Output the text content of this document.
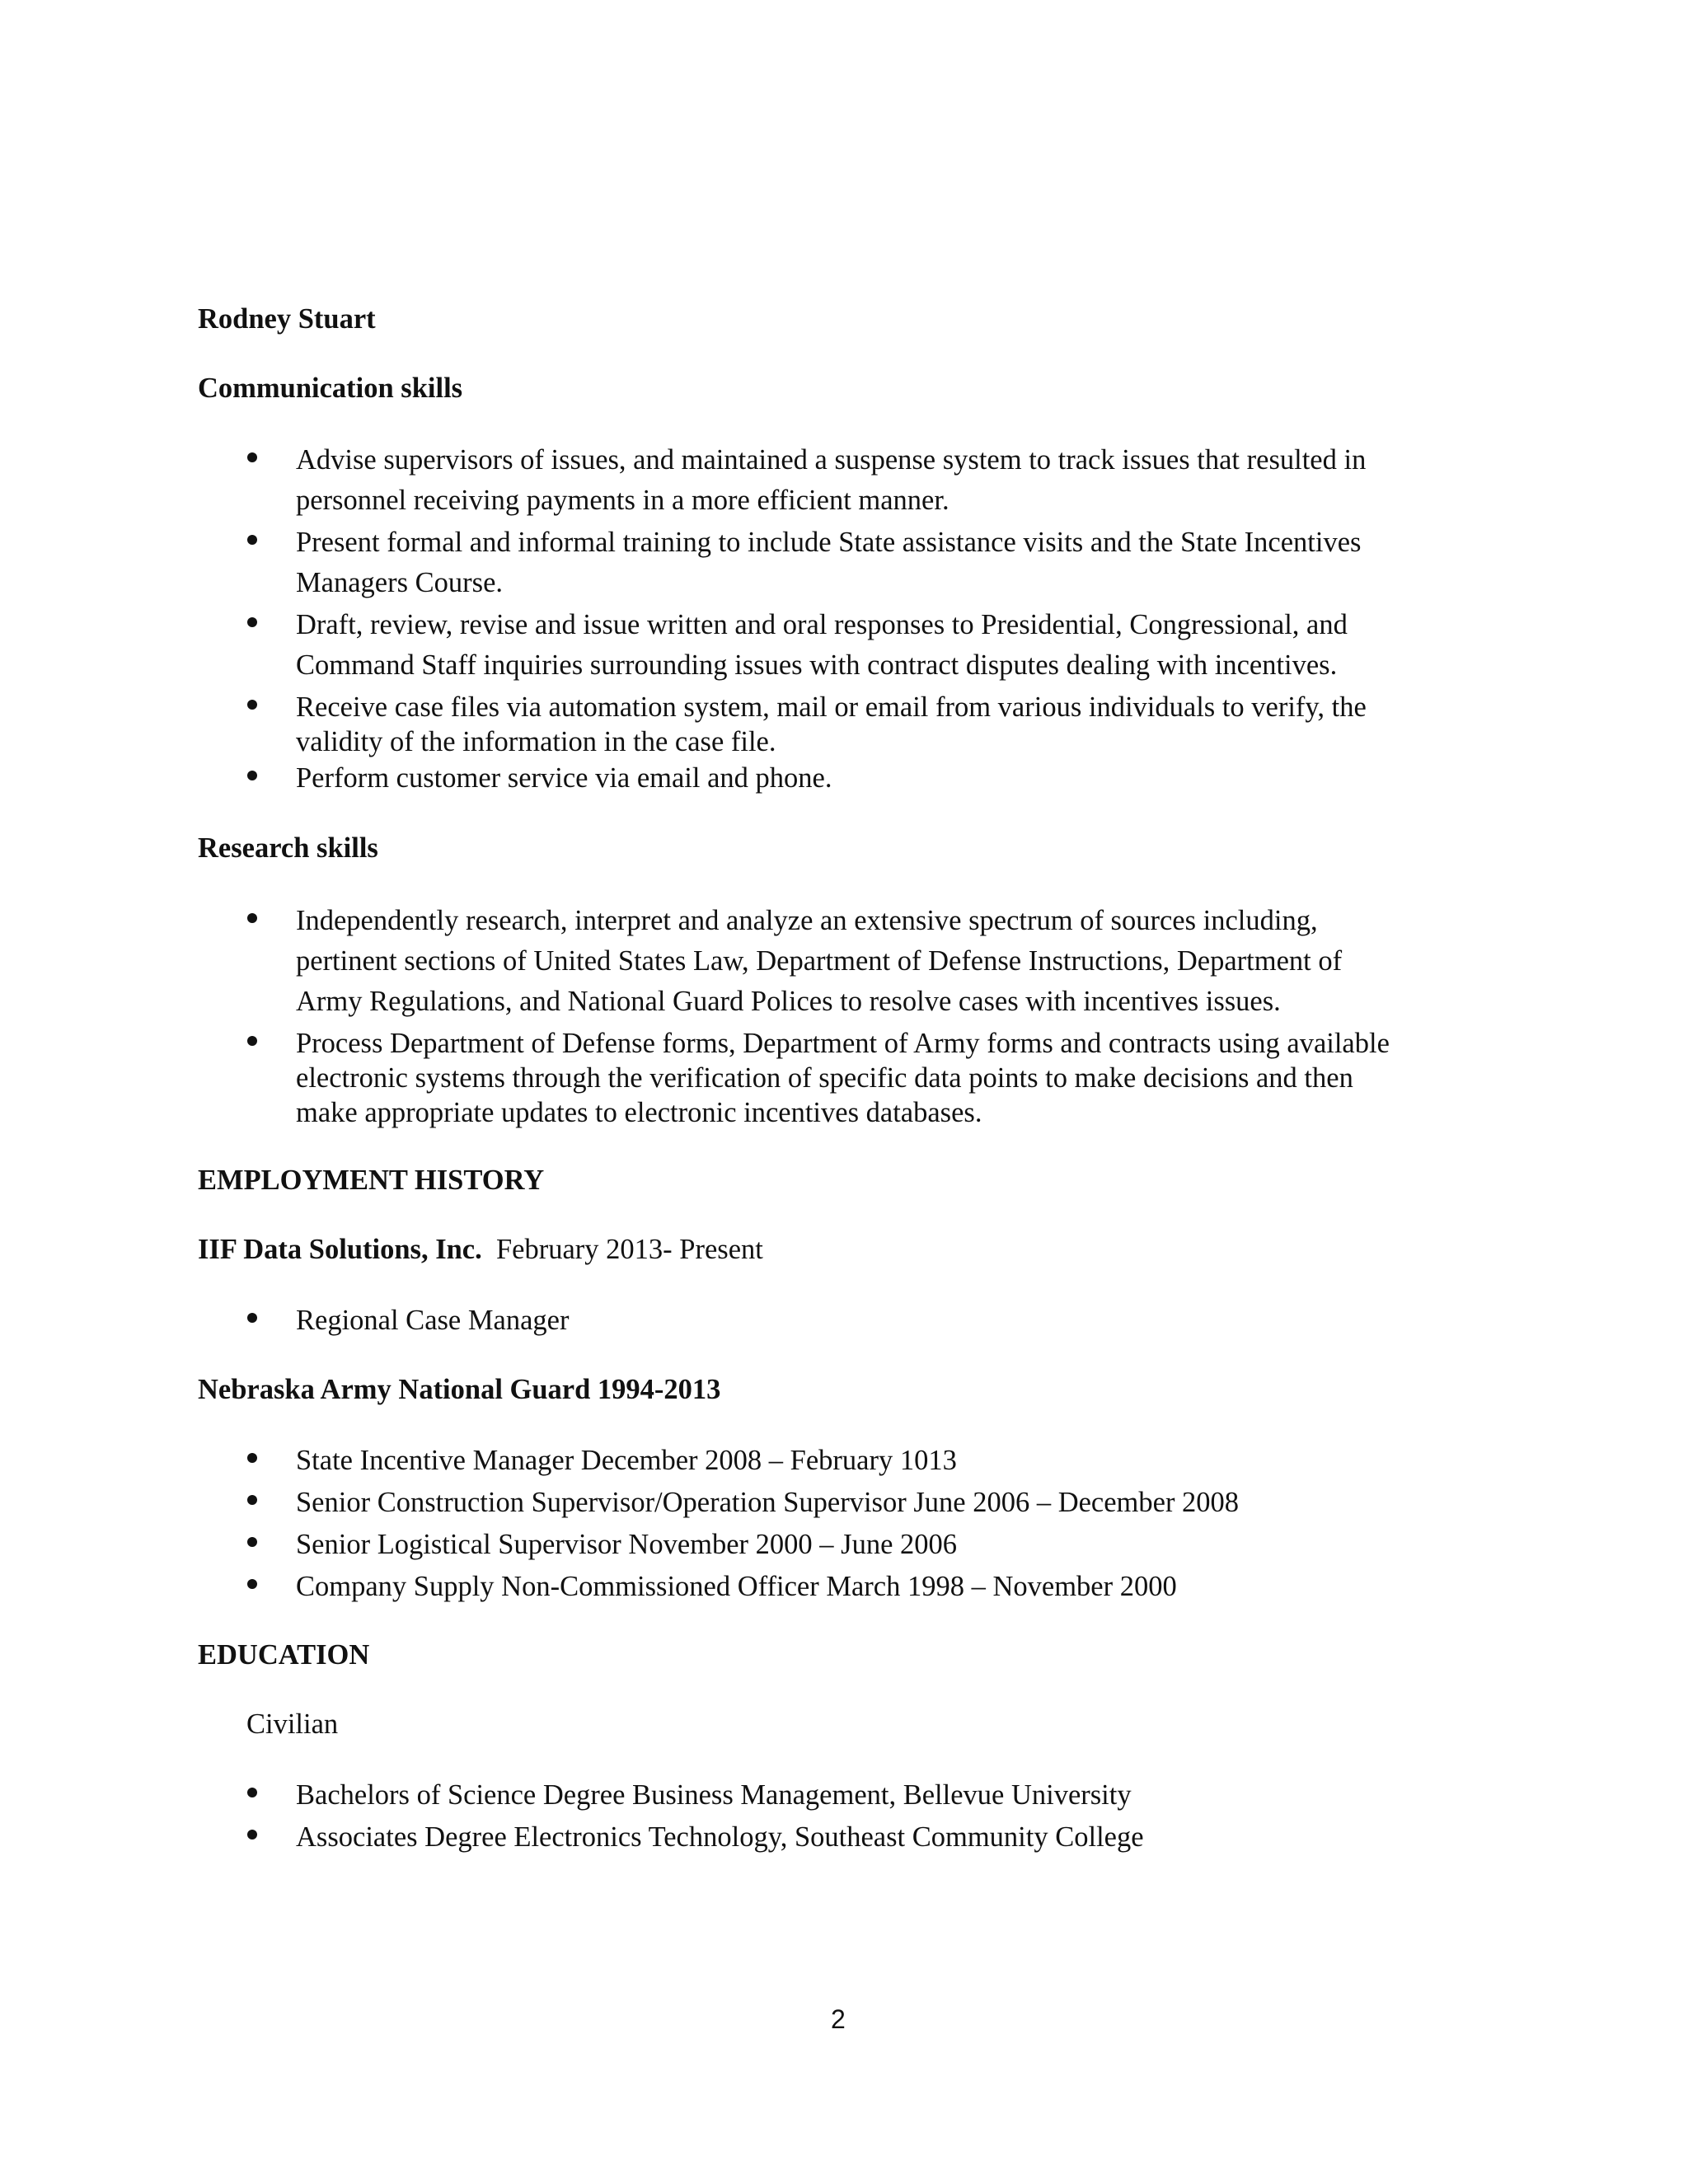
Rodney Stuart
Communication skills
Advise supervisors of issues, and maintained a suspense system to track issues that resulted in
personnel receiving payments in a more efficient manner.
Present formal and informal training to include State assistance visits and the State Incentives
Managers Course.
Draft, review, revise and issue written and oral responses to Presidential, Congressional, and
Command Staff inquiries surrounding issues with contract disputes dealing with incentives.
Receive case files via automation system, mail or email from various individuals to verify, the
validity of the information in the case file.
Perform customer service via email and phone.
Research skills
Independently research, interpret and analyze an extensive spectrum of sources including,
pertinent sections of United States Law, Department of Defense Instructions, Department of
Army Regulations, and National Guard Polices to resolve cases with incentives issues.
Process Department of Defense forms, Department of Army forms and contracts using available
electronic systems through the verification of specific data points to make decisions and then
make appropriate updates to electronic incentives databases.
EMPLOYMENT HISTORY
IIF Data Solutions, Inc. February 2013- Present
Regional Case Manager
Nebraska Army National Guard 1994-2013
State Incentive Manager December 2008 – February 1013
Senior Construction Supervisor/Operation Supervisor June 2006 – December 2008
Senior Logistical Supervisor November 2000 – June 2006
Company Supply Non-Commissioned Officer March 1998 – November 2000
EDUCATION
Civilian
Bachelors of Science Degree Business Management, Bellevue University
Associates Degree Electronics Technology, Southeast Community College
2
